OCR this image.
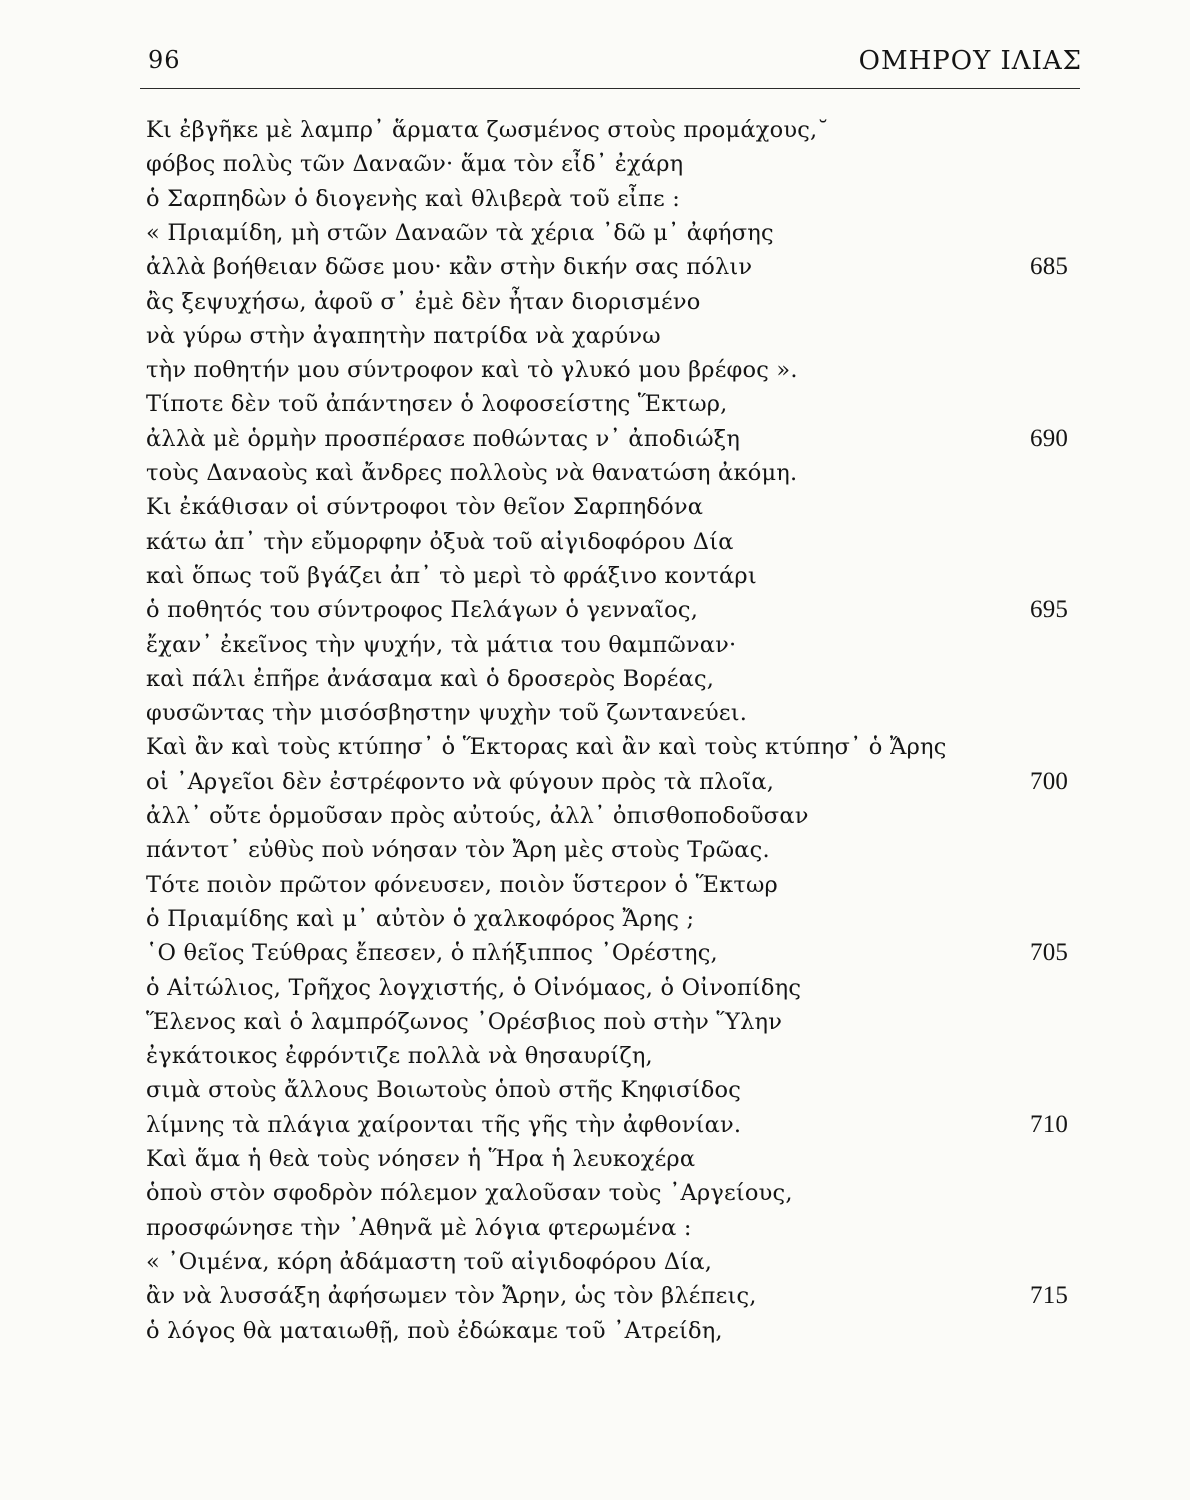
96	ΟΜΗΡΟΥ ΙΛΙΑΣ
Κι ἐβγῆκε μὲ λαμπρ᾽ ἅρματα ζωσμένος στοὺς προμάχους,˘
φόβος πολὺς τῶν Δαναῶν· ἅμα τὸν εἶδ᾽ ἐχάρη
ὁ Σαρπηδὼν ὁ διογενὴς καὶ θλιβερὰ τοῦ εἶπε :
« Πριαμίδη, μὴ στῶν Δαναῶν τὰ χέρια ᾽δῶ μ᾽ ἀφήσης
ἀλλὰ βοήθειαν δῶσε μου· κἂν στὴν δικήν σας πόλιν	685
ἂς ξεψυχήσω, ἀφοῦ σ᾽ ἐμὲ δὲν ἦταν διορισμένο
νὰ γύρω στὴν ἀγαπητὴν πατρίδα νὰ χαρύνω
τὴν ποθητήν μου σύντροφον καὶ τὸ γλυκό μου βρέφος ».
Τίποτε δὲν τοῦ ἀπάντησεν ὁ λοφοσείστης Ἕκτωρ,
ἀλλὰ μὲ ὁρμὴν προσπέρασε ποθώντας ν᾽ ἀποδιώξη	690
τοὺς Δαναοὺς καὶ ἄνδρες πολλοὺς νὰ θανατώση ἀκόμη.
Κι ἐκάθισαν οἱ σύντροφοι τὸν θεῖον Σαρπηδόνα
κάτω ἀπ᾽ τὴν εὔμορφην ὀξυὰ τοῦ αἰγιδοφόρου Δία
καὶ ὅπως τοῦ βγάζει ἀπ᾽ τὸ μερὶ τὸ φράξινο κοντάρι
ὁ ποθητός του σύντροφος Πελάγων ὁ γενναῖος,	695
ἔχαν᾽ ἐκεῖνος τὴν ψυχήν, τὰ μάτια του θαμπῶναν·
καὶ πάλι ἐπῆρε ἀνάσαμα καὶ ὁ δροσερὸς Βορέας,
φυσῶντας τὴν μισόσβηστην ψυχὴν τοῦ ζωντανεύει.
Καὶ ἂν καὶ τοὺς κτύπησ᾽ ὁ Ἕκτορας καὶ ἂν καὶ τοὺς κτύπησ᾽ ὁ Ἄρης
οἱ ᾽Αργεῖοι δὲν ἐστρέφοντο νὰ φύγουν πρὸς τὰ πλοῖα,	700
ἀλλ᾽ οὔτε ὁρμοῦσαν πρὸς αὐτούς, ἀλλ᾽ ὀπισθοποδοῦσαν
πάντοτ᾽ εὐθὺς ποὺ νόησαν τὸν Ἄρη μὲς στοὺς Τρῶας.
Τότε ποιὸν πρῶτον φόνευσεν, ποιὸν ὕστερον ὁ Ἕκτωρ
ὁ Πριαμίδης καὶ μ᾽ αὐτὸν ὁ χαλκοφόρος Ἄρης ;
῾Ο θεῖος Τεύθρας ἔπεσεν, ὁ πλήξιππος ᾽Ορέστης,	705
ὁ Αἰτώλιος, Τρῆχος λογχιστής, ὁ Οἰνόμαος, ὁ Οἰνοπίδης
Ἕλενος καὶ ὁ λαμπρόζωνος ᾽Ορέσβιος ποὺ στὴν Ὕλην
ἐγκάτοικος ἐφρόντιζε πολλὰ νὰ θησαυρίζη,
σιμὰ στοὺς ἄλλους Βοιωτοὺς ὁποὺ στῆς Κηφισίδος
λίμνης τὰ πλάγια χαίρονται τῆς γῆς τὴν ἀφθονίαν.	710
Καὶ ἅμα ἡ θεὰ τοὺς νόησεν ἡ Ἥρα ἡ λευκοχέρα
ὁποὺ στὸν σφοδρὸν πόλεμον χαλοῦσαν τοὺς ᾽Αργείους,
προσφώνησε τὴν ᾽Αθηνᾶ μὲ λόγια φτερωμένα :
« ᾽Οιμένα, κόρη ἀδάμαστη τοῦ αἰγιδοφόρου Δία,
ἂν νὰ λυσσάξη ἀφήσωμεν τὸν Ἄρην, ὡς τὸν βλέπεις,	715
ὁ λόγος θὰ ματαιωθῇ, ποὺ ἐδώκαμε τοῦ ᾽Ατρείδη,
